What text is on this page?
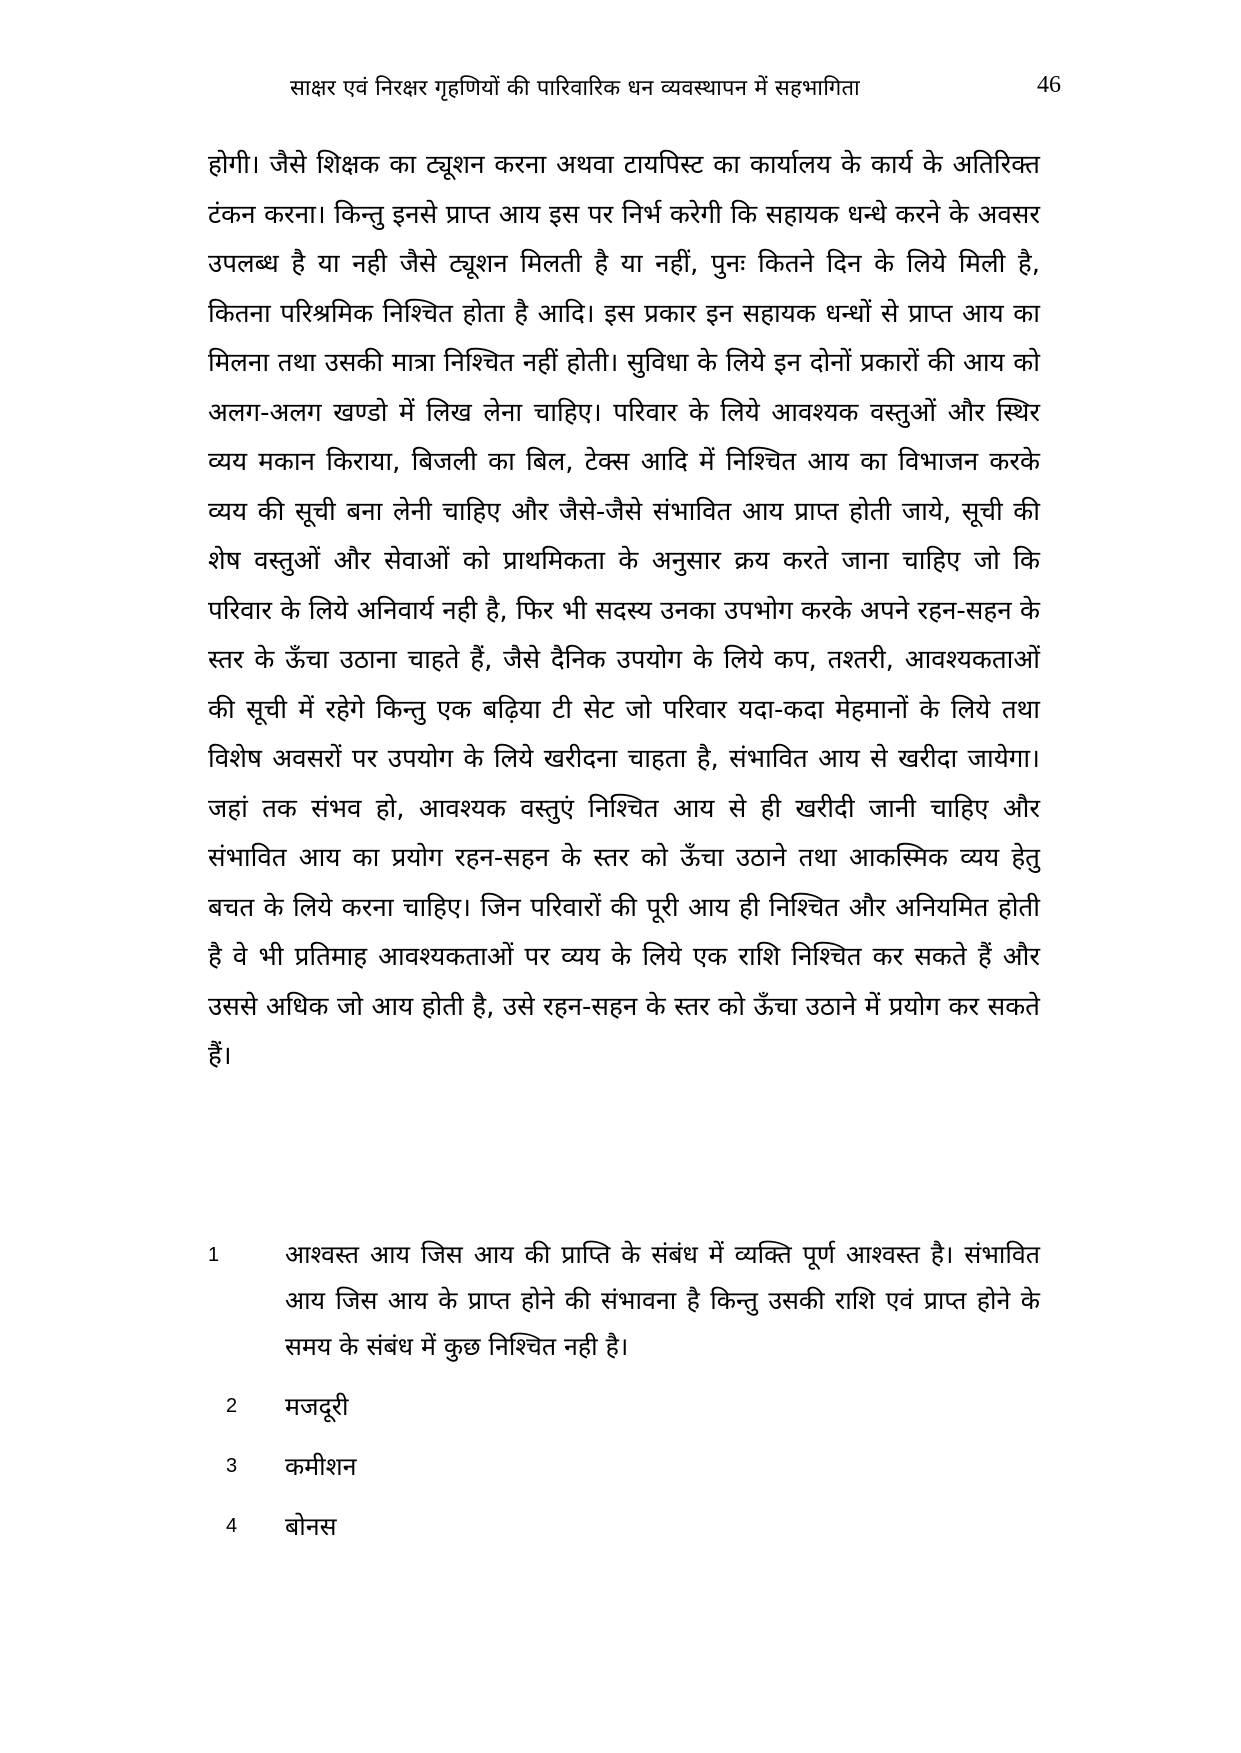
साक्षर एवं निरक्षर गृहणियों की पारिवारिक धन व्यवस्थापन में सहभागिता	46

होगी। जैसे शिक्षक का ट्यूशन करना अथवा टायपिस्ट का कार्यालय के कार्य के अतिरिक्त टंकन करना। किन्तु इनसे प्राप्त आय इस पर निर्भ करेगी कि सहायक धन्धे करने के अवसर उपलब्ध है या नही जैसे ट्यूशन मिलती है या नहीं, पुनः कितने दिन के लिये मिली है, कितना परिश्रमिक निश्चित होता है आदि। इस प्रकार इन सहायक धन्धों से प्राप्त आय का मिलना तथा उसकी मात्रा निश्चित नहीं होती। सुविधा के लिये इन दोनों प्रकारों की आय को अलग-अलग खण्डो में लिख लेना चाहिए। परिवार के लिये आवश्यक वस्तुओं और स्थिर व्यय मकान किराया, बिजली का बिल, टेक्स आदि में निश्चित आय का विभाजन करके व्यय की सूची बना लेनी चाहिए और जैसे-जैसे संभावित आय प्राप्त होती जाये, सूची की शेष वस्तुओं और सेवाओं को प्राथमिकता के अनुसार क्रय करते जाना चाहिए जो कि परिवार के लिये अनिवार्य नही है, फिर भी सदस्य उनका उपभोग करके अपने रहन-सहन के स्तर के ऊँचा उठाना चाहते हैं, जैसे दैनिक उपयोग के लिये कप, तश्तरी, आवश्यकताओं की सूची में रहेगे किन्तु एक बढ़िया टी सेट जो परिवार यदा-कदा मेहमानों के लिये तथा विशेष अवसरों पर उपयोग के लिये खरीदना चाहता है, संभावित आय से खरीदा जायेगा। जहां तक संभव हो, आवश्यक वस्तुएं निश्चित आय से ही खरीदी जानी चाहिए और संभावित आय का प्रयोग रहन-सहन के स्तर को ऊँचा उठाने तथा आकस्मिक व्यय हेतु बचत के लिये करना चाहिए। जिन परिवारों की पूरी आय ही निश्चित और अनियमित होती है वे भी प्रतिमाह आवश्यकताओं पर व्यय के लिये एक राशि निश्चित कर सकते हैं और उससे अधिक जो आय होती है, उसे रहन-सहन के स्तर को ऊँचा उठाने में प्रयोग कर सकते हैं।

1	आश्वस्त आय जिस आय की प्राप्ति के संबंध में व्यक्ति पूर्ण आश्वस्त है। संभावित आय जिस आय के प्राप्त होने की संभावना है किन्तु उसकी राशि एवं प्राप्त होने के समय के संबंध में कुछ निश्चित नही है।
2 मजदूरी
3 कमीशन
4 बोनस
